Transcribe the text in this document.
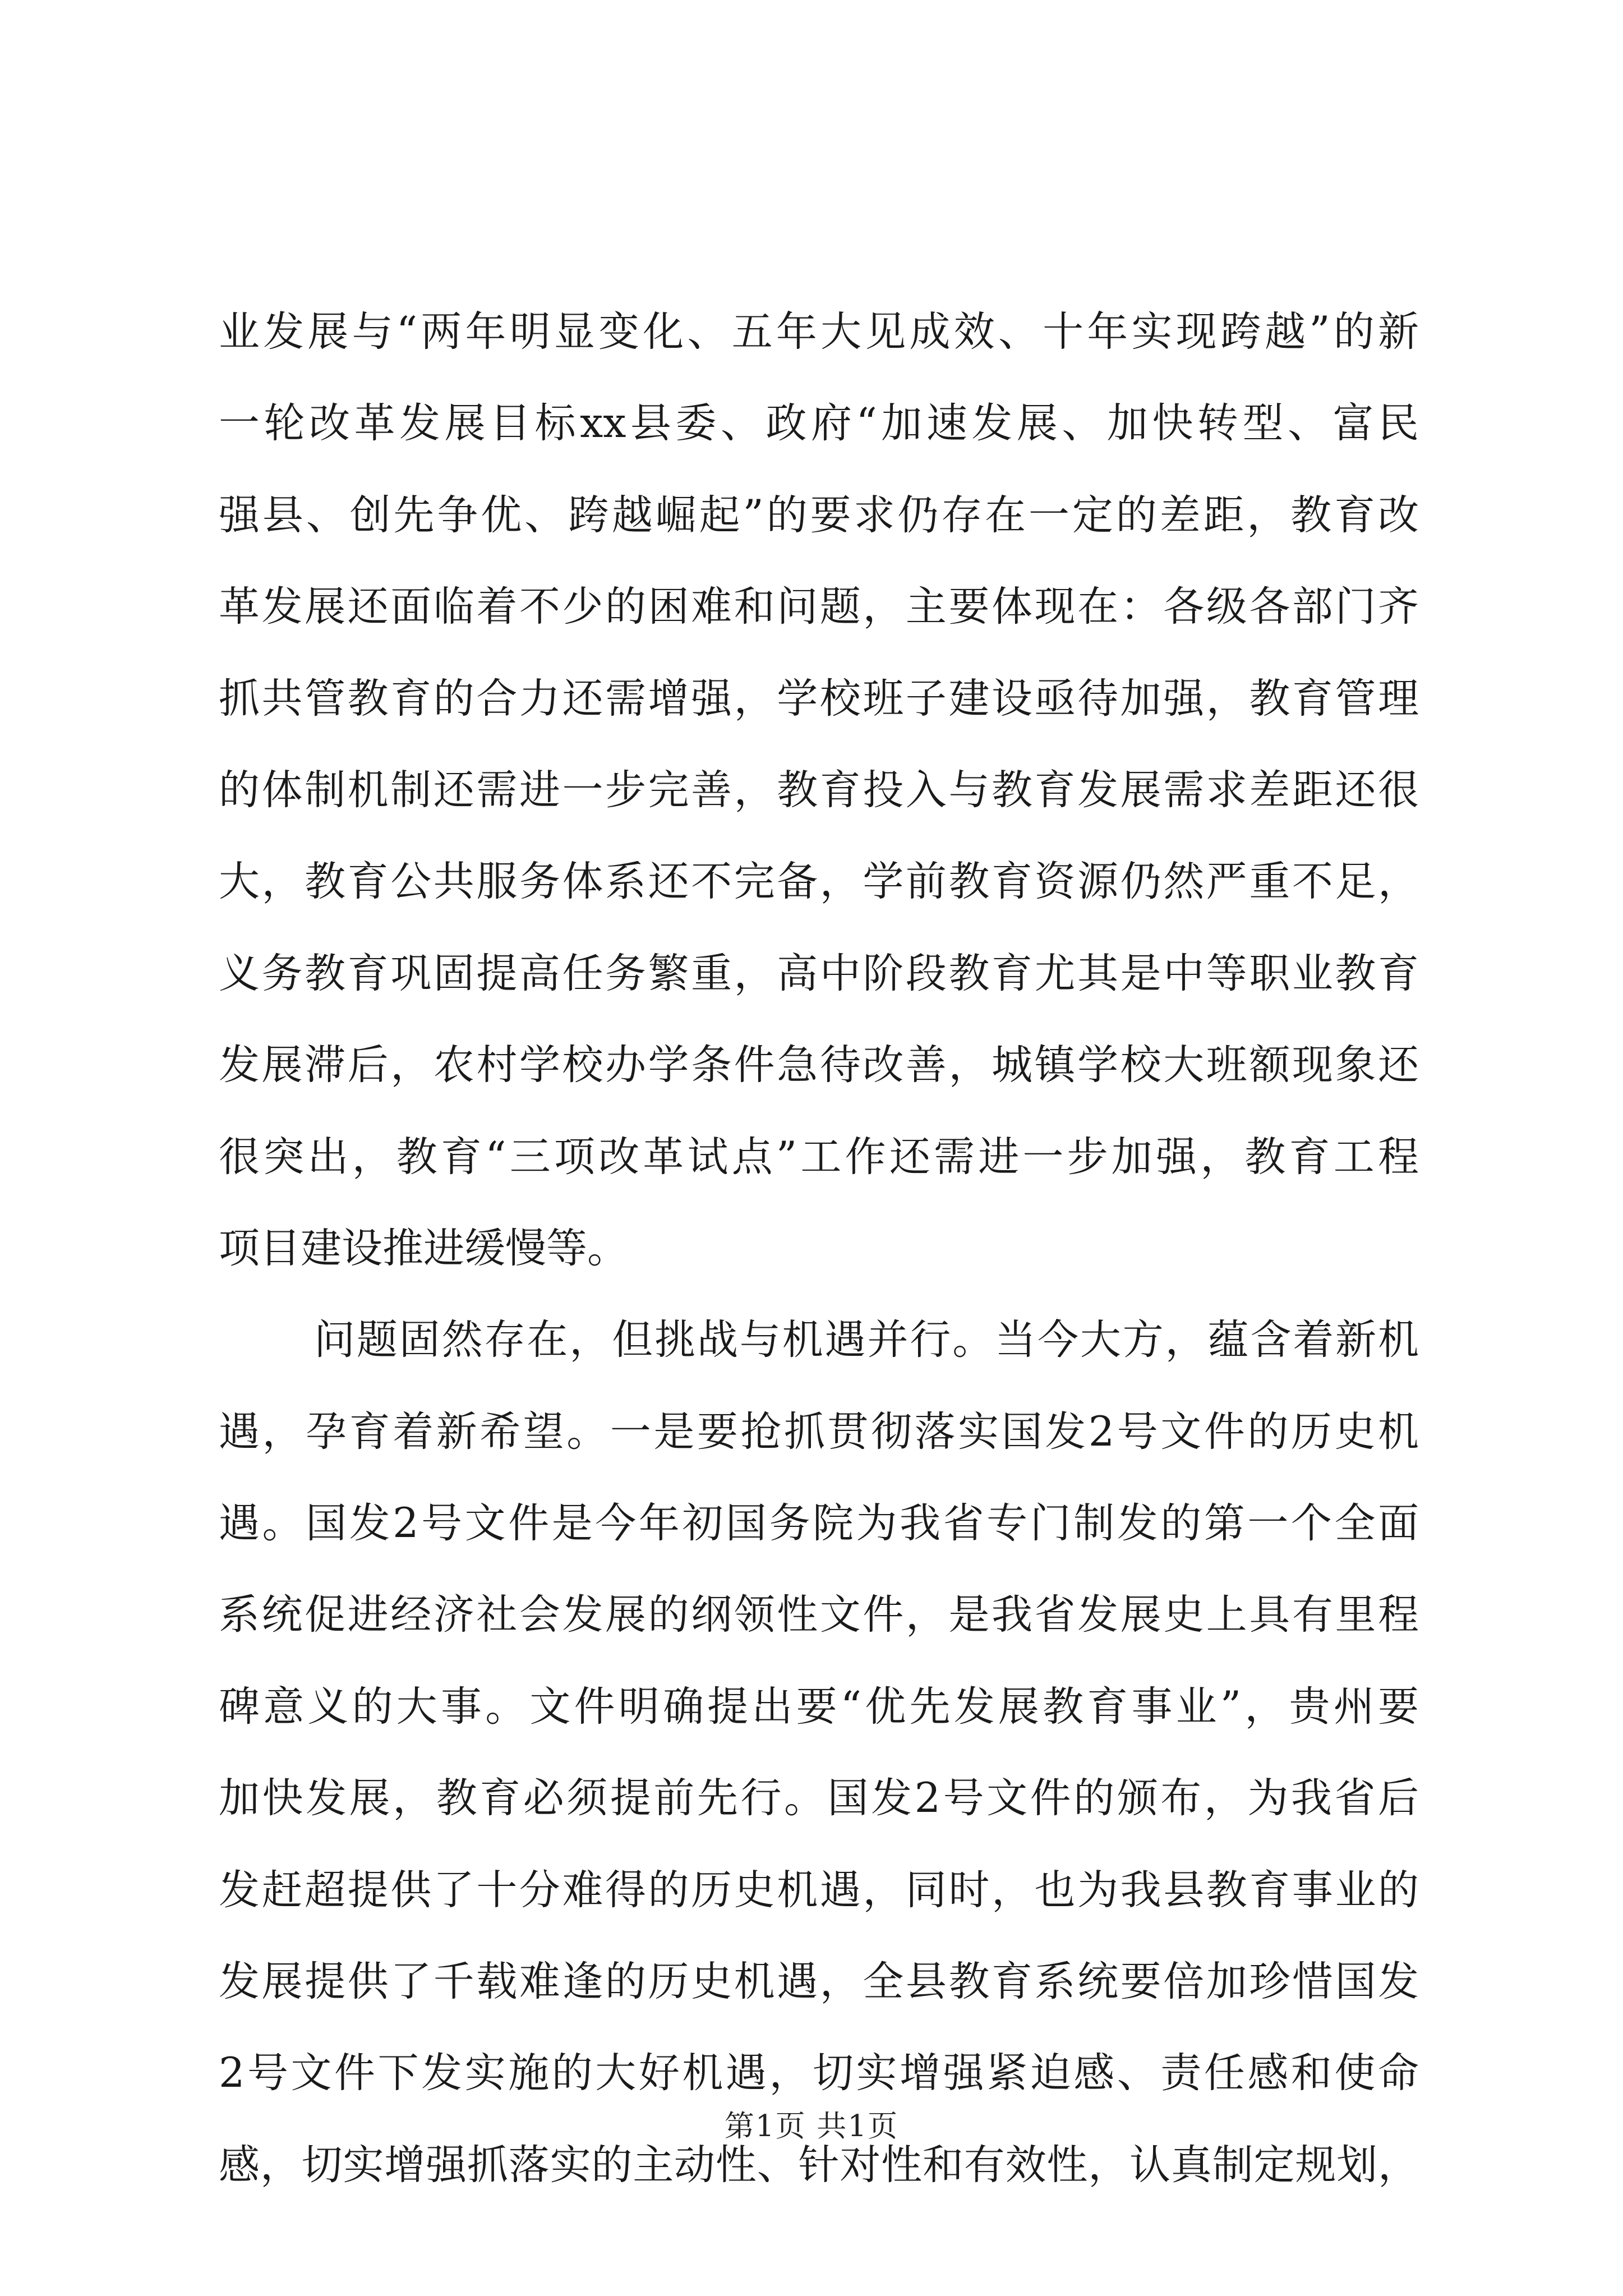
业发展与“两年明显变化、五年大见成效、十年实现跨越”的新
一轮改革发展目标xx县委、政府“加速发展、加快转型、富民
强县、创先争优、跨越崛起”的要求仍存在一定的差距，教育改
革发展还面临着不少的困难和问题，主要体现在：各级各部门齐
抓共管教育的合力还需增强，学校班子建设亟待加强，教育管理
的体制机制还需进一步完善，教育投入与教育发展需求差距还很
大，教育公共服务体系还不完备，学前教育资源仍然严重不足，
义务教育巩固提高任务繁重，高中阶段教育尤其是中等职业教育
发展滞后，农村学校办学条件急待改善，城镇学校大班额现象还
很突出，教育“三项改革试点”工作还需进一步加强，教育工程
项目建设推进缓慢等。
问题固然存在，但挑战与机遇并行。当今大方，蕴含着新机
遇，孕育着新希望。一是要抢抓贯彻落实国发2号文件的历史机
遇。国发2号文件是今年初国务院为我省专门制发的第一个全面
系统促进经济社会发展的纲领性文件，是我省发展史上具有里程
碑意义的大事。文件明确提出要“优先发展教育事业”，贵州要
加快发展，教育必须提前先行。国发2号文件的颁布，为我省后
发赶超提供了十分难得的历史机遇，同时，也为我县教育事业的
发展提供了千载难逢的历史机遇，全县教育系统要倍加珍惜国发
2号文件下发实施的大好机遇，切实增强紧迫感、责任感和使命
感，切实增强抓落实的主动性、针对性和有效性，认真制定规划，
第1页 共1页
